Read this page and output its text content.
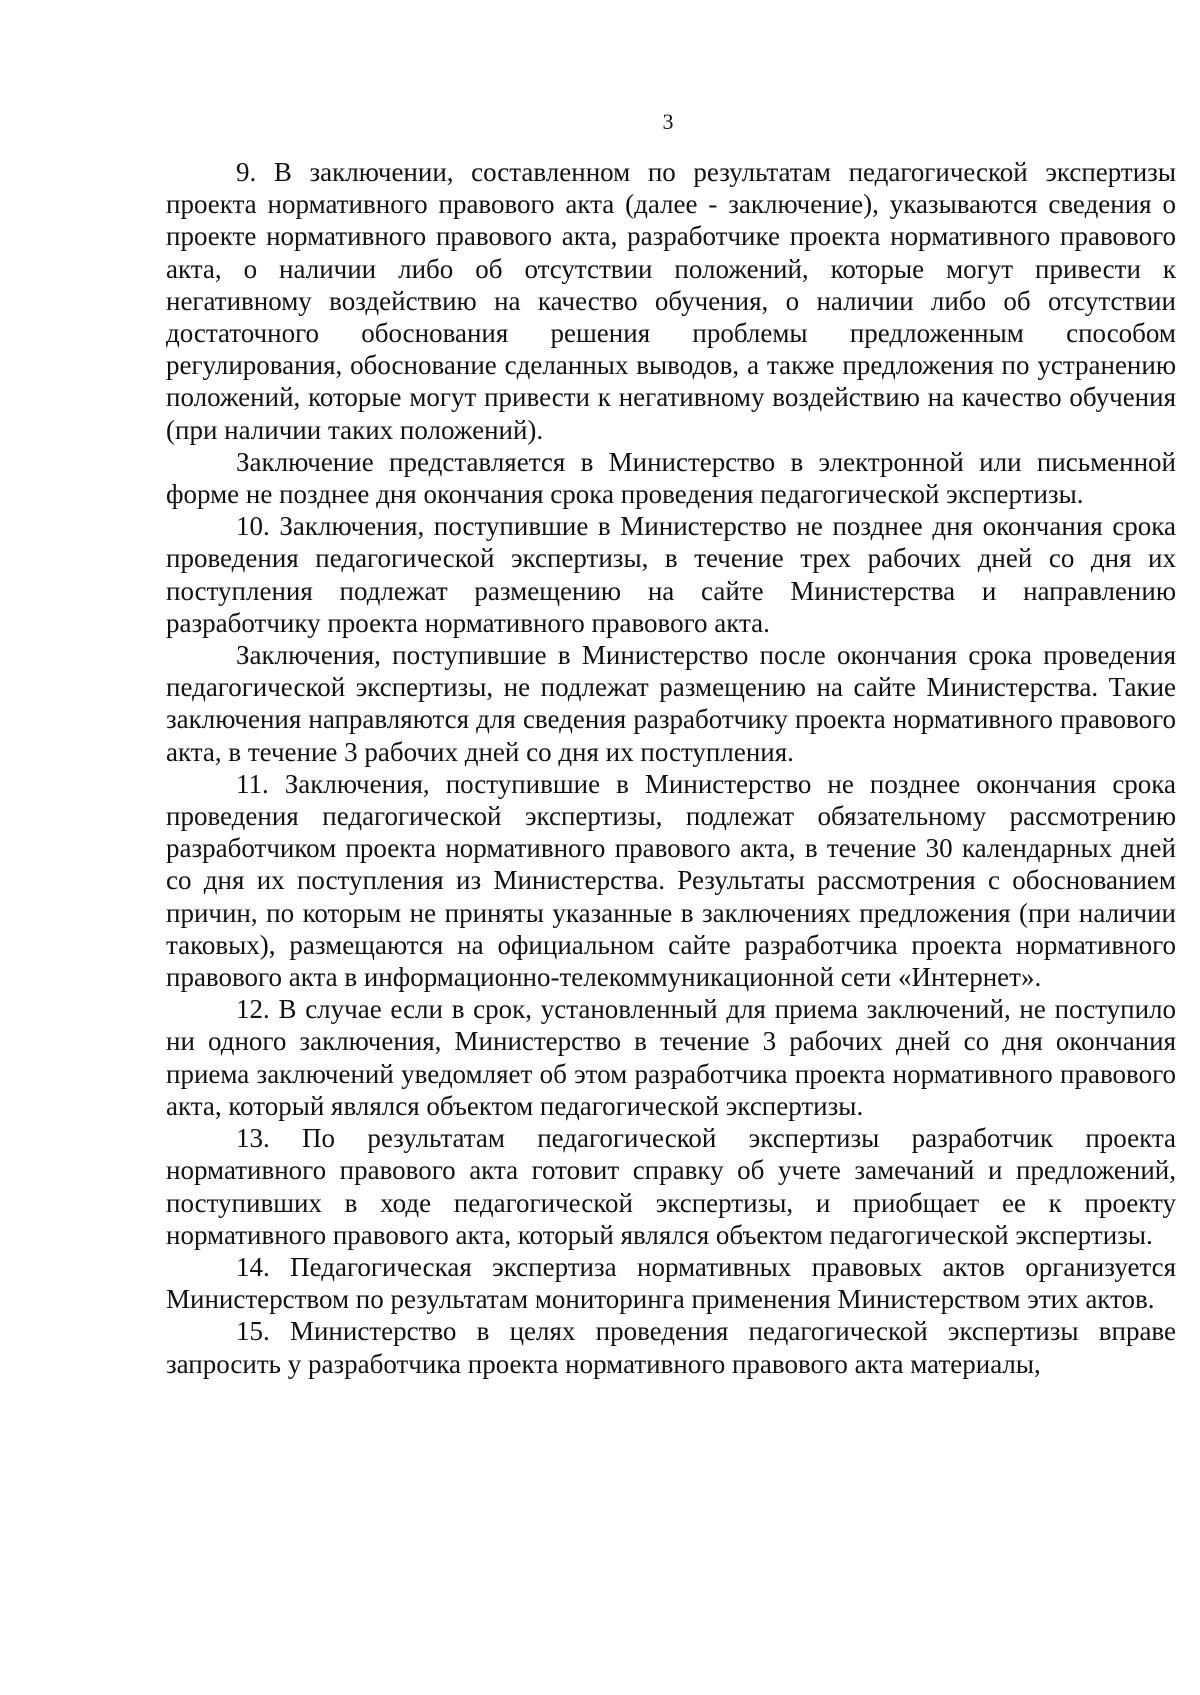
3

9. В заключении, составленном по результатам педагогической экспертизы проекта нормативного правового акта (далее - заключение), указываются сведения о проекте нормативного правового акта, разработчике проекта нормативного правового акта, о наличии либо об отсутствии положений, которые могут привести к негативному воздействию на качество обучения, о наличии либо об отсутствии достаточного обоснования решения проблемы предложенным способом регулирования, обоснование сделанных выводов, а также предложения по устранению положений, которые могут привести к негативному воздействию на качество обучения (при наличии таких положений).

Заключение представляется в Министерство в электронной или письменной форме не позднее дня окончания срока проведения педагогической экспертизы.

10. Заключения, поступившие в Министерство не позднее дня окончания срока проведения педагогической экспертизы, в течение трех рабочих дней со дня их поступления подлежат размещению на сайте Министерства и направлению разработчику проекта нормативного правового акта.

Заключения, поступившие в Министерство после окончания срока проведения педагогической экспертизы, не подлежат размещению на сайте Министерства. Такие заключения направляются для сведения разработчику проекта нормативного правового акта, в течение 3 рабочих дней со дня их поступления.

11. Заключения, поступившие в Министерство не позднее окончания срока проведения педагогической экспертизы, подлежат обязательному рассмотрению разработчиком проекта нормативного правового акта, в течение 30 календарных дней со дня их поступления из Министерства. Результаты рассмотрения с обоснованием причин, по которым не приняты указанные в заключениях предложения (при наличии таковых), размещаются на официальном сайте разработчика проекта нормативного правового акта в информационно-телекоммуникационной сети «Интернет».

12. В случае если в срок, установленный для приема заключений, не поступило ни одного заключения, Министерство в течение 3 рабочих дней со дня окончания приема заключений уведомляет об этом разработчика проекта нормативного правового акта, который являлся объектом педагогической экспертизы.

13. По результатам педагогической экспертизы разработчик проекта нормативного правового акта готовит справку об учете замечаний и предложений, поступивших в ходе педагогической экспертизы, и приобщает ее к проекту нормативного правового акта, который являлся объектом педагогической экспертизы.

14. Педагогическая экспертиза нормативных правовых актов организуется Министерством по результатам мониторинга применения Министерством этих актов.

15. Министерство в целях проведения педагогической экспертизы вправе запросить у разработчика проекта нормативного правового акта материалы,
